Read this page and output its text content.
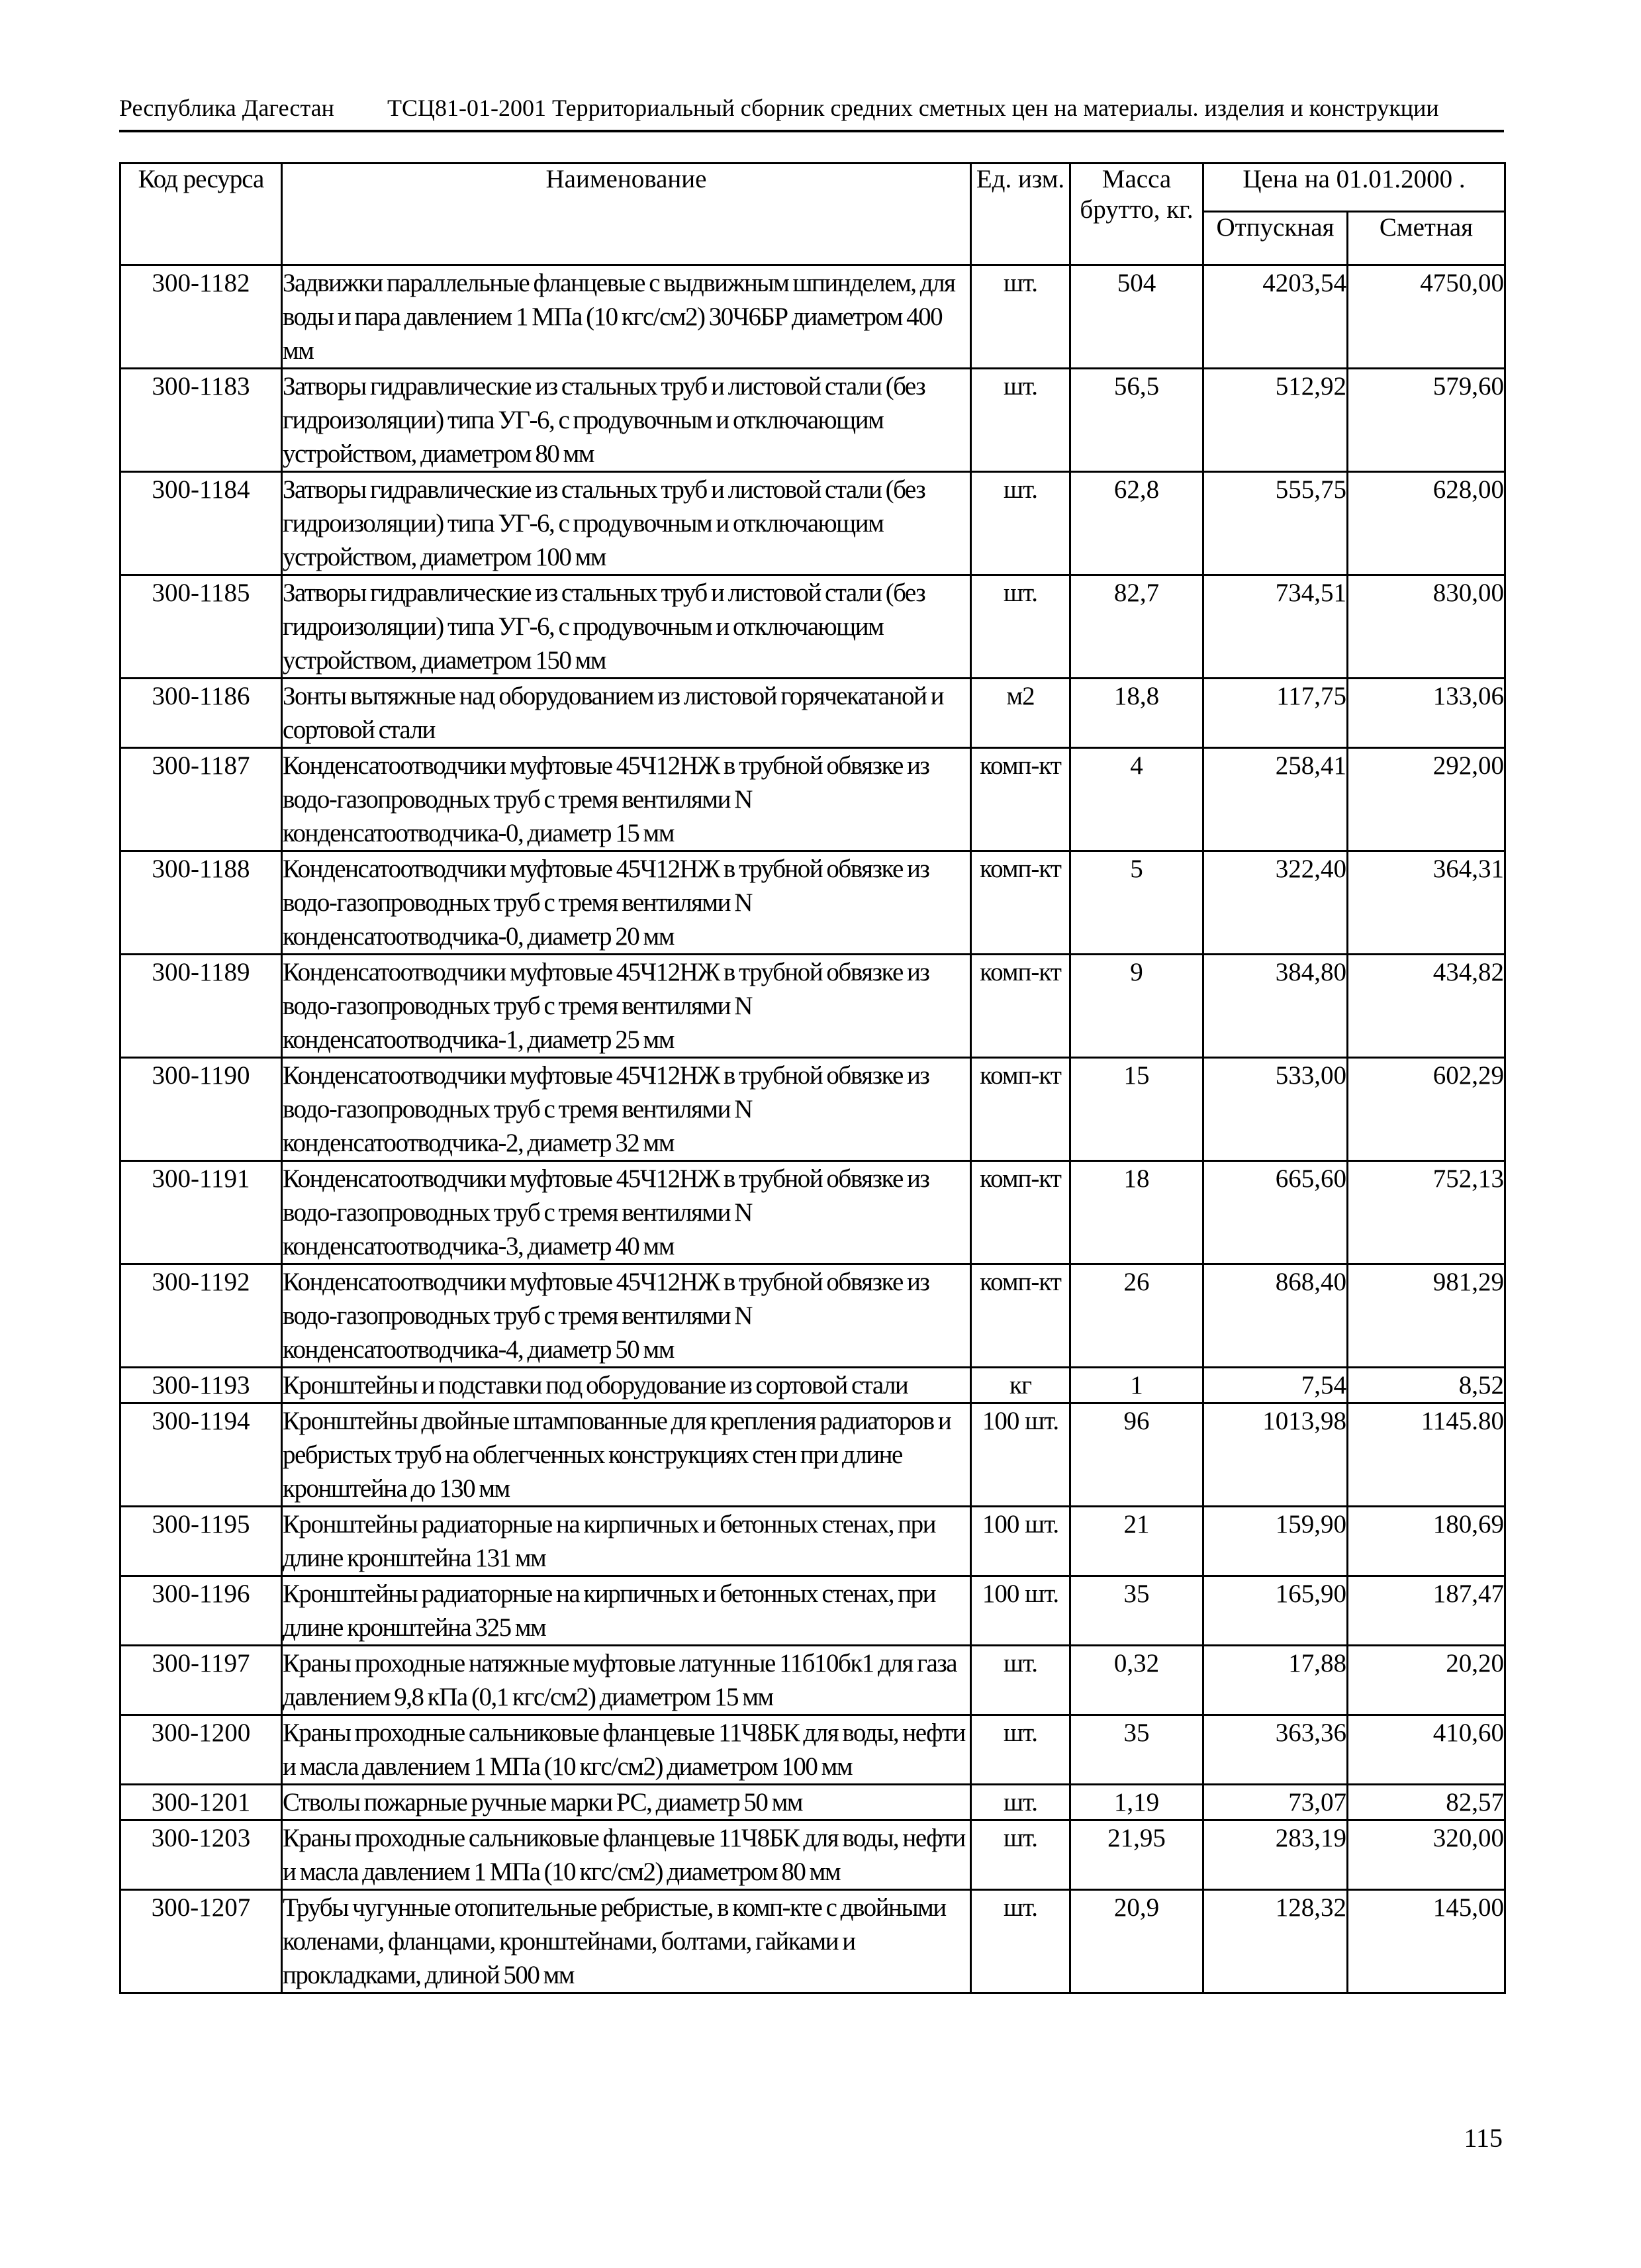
Республика Дагестан ТСЦ81-01-2001 Территориальный сборник средних сметных цен на материалы. изделия и конструкции
Код ресурса	Наименование	Ед. изм.	Масса брутто, кг.	Цена на 01.01.2000 .	
				Отпускная	Сметная
300-1182	Задвижки параллельные фланцевые с выдвижным шпинделем, для воды и пара давлением 1 МПа (10 кгс/см2) 30Ч6БР диаметром 400 мм	шт.	504	4203,54	4750,00
300-1183	Затворы гидравлические из стальных труб и листовой стали (без гидроизоляции) типа УГ-6, с продувочным и отключающим устройством, диаметром 80 мм	шт.	56,5	512,92	579,60
300-1184	Затворы гидравлические из стальных труб и листовой стали (без гидроизоляции) типа УГ-6, с продувочным и отключающим устройством, диаметром 100 мм	шт.	62,8	555,75	628,00
300-1185	Затворы гидравлические из стальных труб и листовой стали (без гидроизоляции) типа УГ-6, с продувочным и отключающим устройством, диаметром 150 мм	шт.	82,7	734,51	830,00
300-1186	Зонты вытяжные над оборудованием из листовой горячекатаной и сортовой стали	м2	18,8	117,75	133,06
300-1187	Конденсатоотводчики муфтовые 45Ч12НЖ в трубной обвязке из водо-газопроводных труб с тремя вентилями N конденсатоотводчика-0, диаметр 15 мм	комп-кт	4	258,41	292,00
300-1188	Конденсатоотводчики муфтовые 45Ч12НЖ в трубной обвязке из водо-газопроводных труб с тремя вентилями N конденсатоотводчика-0, диаметр 20 мм	комп-кт	5	322,40	364,31
300-1189	Конденсатоотводчики муфтовые 45Ч12НЖ в трубной обвязке из водо-газопроводных труб с тремя вентилями N конденсатоотводчика-1, диаметр 25 мм	комп-кт	9	384,80	434,82
300-1190	Конденсатоотводчики муфтовые 45Ч12НЖ в трубной обвязке из водо-газопроводных труб с тремя вентилями N конденсатоотводчика-2, диаметр 32 мм	комп-кт	15	533,00	602,29
300-1191	Конденсатоотводчики муфтовые 45Ч12НЖ в трубной обвязке из водо-газопроводных труб с тремя вентилями N конденсатоотводчика-3, диаметр 40 мм	комп-кт	18	665,60	752,13
300-1192	Конденсатоотводчики муфтовые 45Ч12НЖ в трубной обвязке из водо-газопроводных труб с тремя вентилями N конденсатоотводчика-4, диаметр 50 мм	комп-кт	26	868,40	981,29
300-1193	Кронштейны и подставки под оборудование из сортовой стали	кг	1	7,54	8,52
300-1194	Кронштейны двойные штампованные для крепления радиаторов и ребристых труб на облегченных конструкциях стен при длине кронштейна до 130 мм	100 шт.	96	1013,98	1145.80
300-1195	Кронштейны радиаторные на кирпичных и бетонных стенах, при длине кронштейна 131 мм	100 шт.	21	159,90	180,69
300-1196	Кронштейны радиаторные на кирпичных и бетонных стенах, при длине кронштейна 325 мм	100 шт.	35	165,90	187,47
300-1197	Краны проходные натяжные муфтовые латунные 11б10бк1 для газа давлением 9,8 кПа (0,1 кгс/см2) диаметром 15 мм	шт.	0,32	17,88	20,20
300-1200	Краны проходные сальниковые фланцевые 11Ч8БК для воды, нефти и масла давлением 1 МПа (10 кгс/см2) диаметром 100 мм	шт.	35	363,36	410,60
300-1201	Стволы пожарные ручные марки РС, диаметр 50 мм	шт.	1,19	73,07	82,57
300-1203	Краны проходные сальниковые фланцевые 11Ч8БК для воды, нефти и масла давлением 1 МПа (10 кгс/см2) диаметром 80 мм	шт.	21,95	283,19	320,00
300-1207	Трубы чугунные отопительные ребристые, в комп-кте с двойными коленами, фланцами, кронштейнами, болтами, гайками и прокладками, длиной 500 мм	шт.	20,9	128,32	145,00
115
